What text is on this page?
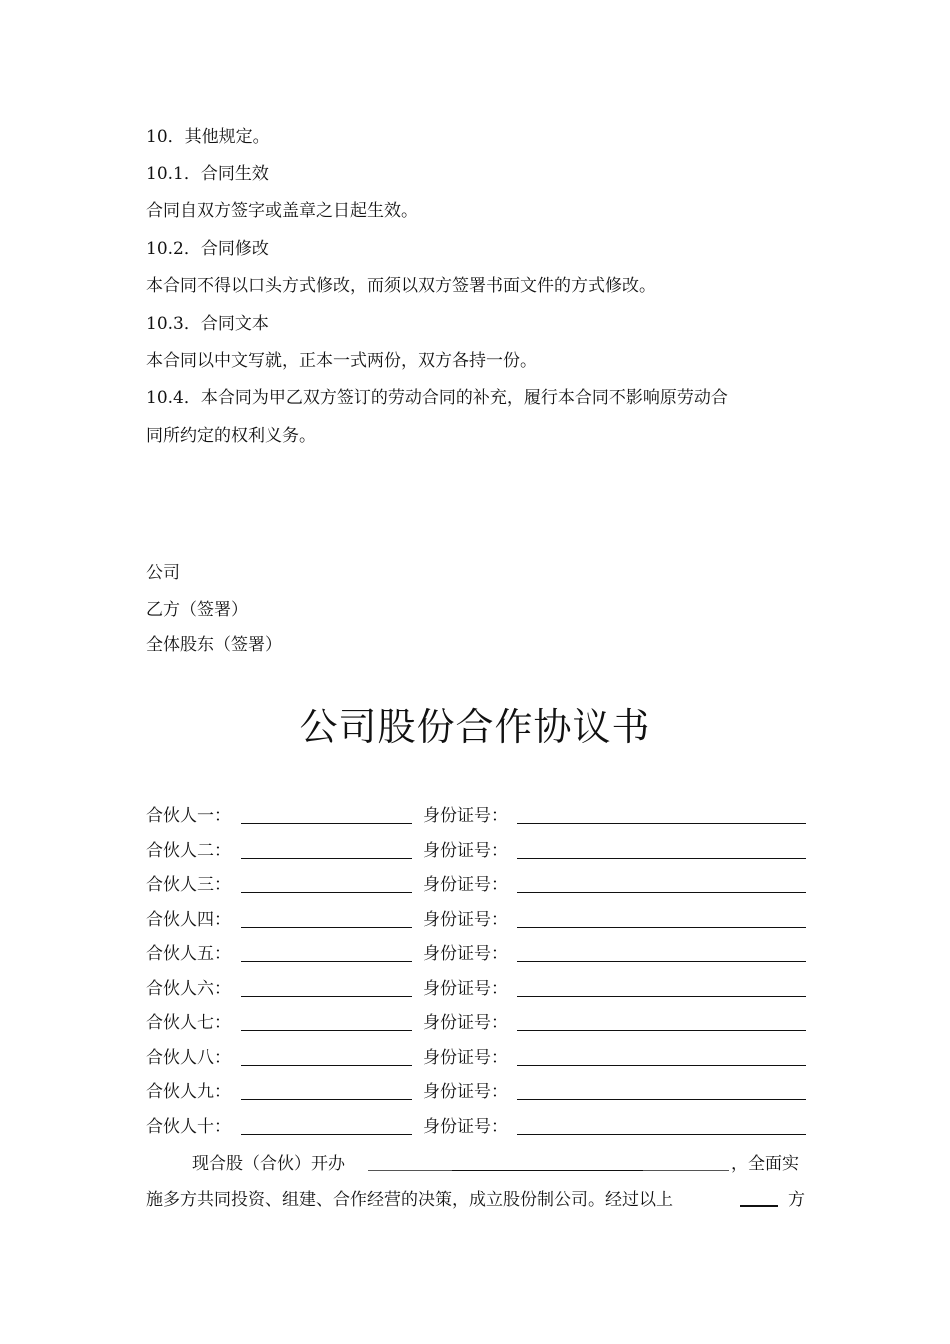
10．其他规定。
10.1．合同生效
合同自双方签字或盖章之日起生效。
10.2．合同修改
本合同不得以口头方式修改，而须以双方签署书面文件的方式修改。
10.3．合同文本
本合同以中文写就，正本一式两份，双方各持一份。
10.4．本合同为甲乙双方签订的劳动合同的补充，履行本合同不影响原劳动合
同所约定的权利义务。
公司
乙方（签署）
全体股东（签署）
公司股份合作协议书
合伙人一：	身份证号：
合伙人二：	身份证号：
合伙人三：	身份证号：
合伙人四：	身份证号：
合伙人五：	身份证号：
合伙人六：	身份证号：
合伙人七：	身份证号：
合伙人八：	身份证号：
合伙人九：	身份证号：
合伙人十：	身份证号：
现合股（合伙）开办	，全面实
施多方共同投资、组建、合作经营的决策，成立股份制公司。经过以上	方
